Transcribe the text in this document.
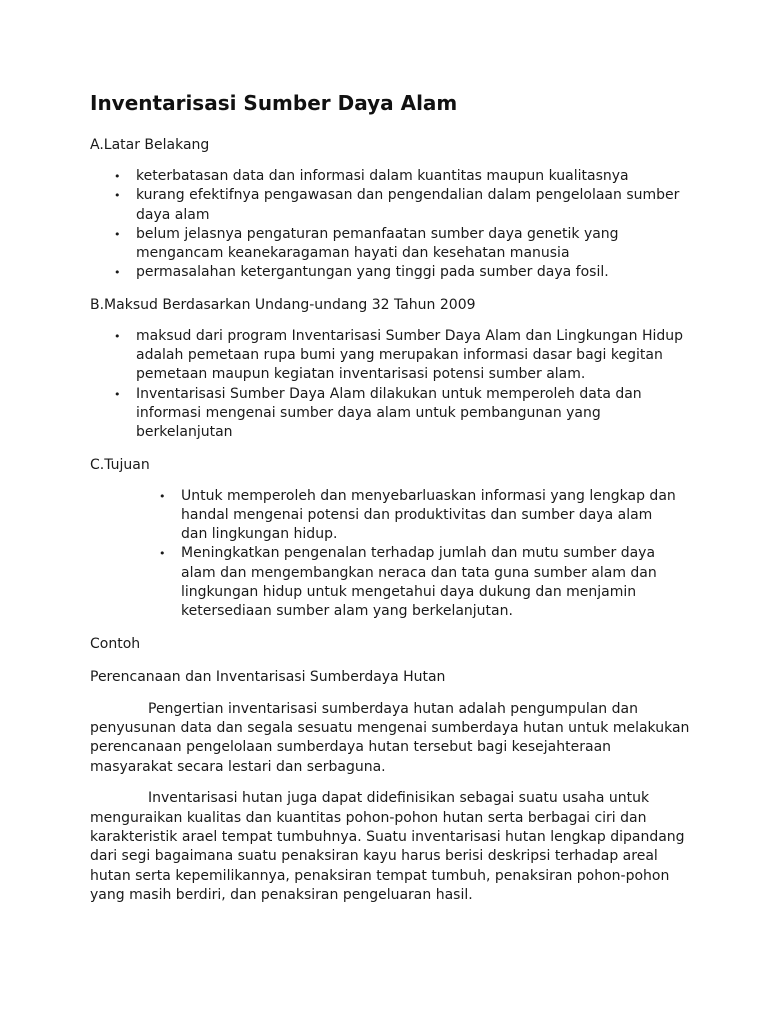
Inventarisasi Sumber Daya Alam
A.Latar Belakang
• keterbatasan data dan informasi dalam kuantitas maupun kualitasnya
• kurang efektifnya pengawasan dan pengendalian dalam pengelolaan sumber daya alam
• belum jelasnya pengaturan pemanfaatan sumber daya genetik yang mengancam keanekaragaman hayati dan kesehatan manusia
• permasalahan ketergantungan yang tinggi pada sumber daya fosil.
B.Maksud Berdasarkan Undang-undang 32 Tahun 2009
• maksud dari program Inventarisasi Sumber Daya Alam dan Lingkungan Hidup adalah pemetaan rupa bumi yang merupakan informasi dasar bagi kegitan pemetaan maupun kegiatan inventarisasi potensi sumber alam.
• Inventarisasi Sumber Daya Alam dilakukan untuk memperoleh data dan informasi mengenai sumber daya alam untuk pembangunan yang berkelanjutan
C.Tujuan
• Untuk memperoleh dan menyebarluaskan informasi yang lengkap dan handal mengenai potensi dan produktivitas dan sumber daya alam dan lingkungan hidup.
• Meningkatkan pengenalan terhadap jumlah dan mutu sumber daya alam dan mengembangkan neraca dan tata guna sumber alam dan lingkungan hidup untuk mengetahui daya dukung dan menjamin ketersediaan sumber alam yang berkelanjutan.
Contoh
Perencanaan dan Inventarisasi Sumberdaya Hutan

Pengertian inventarisasi sumberdaya hutan adalah pengumpulan dan penyusunan data dan segala sesuatu mengenai sumberdaya hutan untuk melakukan perencanaan pengelolaan sumberdaya hutan tersebut bagi kesejahteraan masyarakat secara lestari dan serbaguna.

Inventarisasi hutan juga dapat didefinisikan sebagai suatu usaha untuk menguraikan kualitas dan kuantitas pohon-pohon hutan serta berbagai ciri dan karakteristik arael tempat tumbuhnya. Suatu inventarisasi hutan lengkap dipandang dari segi bagaimana suatu penaksiran kayu harus berisi deskripsi terhadap areal hutan serta kepemilikannya, penaksiran tempat tumbuh, penaksiran pohon-pohon yang masih berdiri, dan penaksiran pengeluaran hasil.
